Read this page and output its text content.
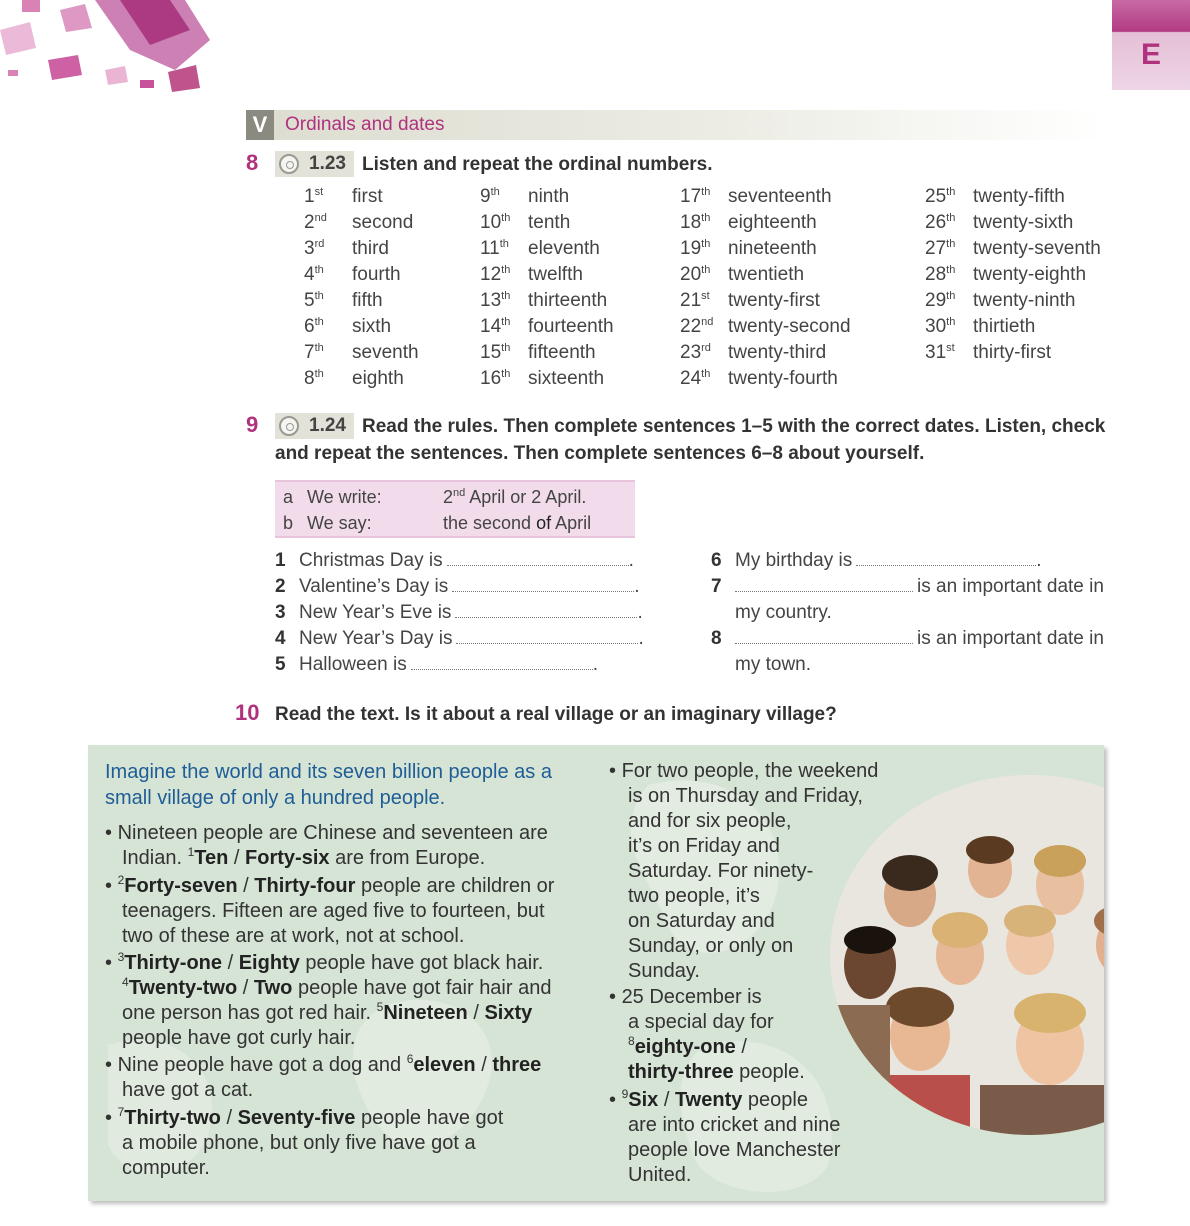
E
V Ordinals and dates
8	1.23 Listen and repeat the ordinal numbers.
1st	first
2nd	second
3rd	third
4th	fourth
5th	fifth
6th	sixth
7th	seventh
8th	eighth
9th	ninth
10th tenth
11th	eleventh
12th twelfth
13th thirteenth
14th fourteenth
15th fifteenth
16th sixteenth
17th seventeenth
18th eighteenth
19th nineteenth
20th twentieth
21st twenty-first
22nd twenty-second
23rd twenty-third
24th twenty-fourth
25th twenty-fifth
26th twenty-sixth
27th twenty-seventh
28th twenty-eighth
29th twenty-ninth
30th thirtieth
31st thirty-first
9	1.24 Read the rules. Then complete sentences 1–5 with the correct dates. Listen, check
and repeat the sentences. Then complete sentences 6–8 about yourself.
a We write:	2nd April or 2 April.
b We say:	the second of April
1 Christmas Day is	.
2 Valentine’s Day is	.
3 New Year’s Eve is	.
4 New Year’s Day is	.
5 Halloween is	.
6 My birthday is	.
7	is an important date in
my country.
8	is an important date in
my town.
10 Read the text. Is it about a real village or an imaginary village?
Imagine the world and its seven billion people as a
small village of only a hundred people.
• Nineteen people are Chinese and seventeen are
Indian. $^1$Ten / Forty-six are from Europe.
• $^2$Forty-seven / Thirty-four people are children or
teenagers. Fifteen are aged five to fourteen, but
two of these are at work, not at school.
• $^3$Thirty-one / Eighty people have got black hair.
$^4$Twenty-two / Two people have got fair hair and
one person has got red hair. $^5$Nineteen / Sixty
people have got curly hair.
• Nine people have got a dog and $^6$eleven / three
have got a cat.
• $^7$Thirty-two / Seventy-five people have got
a mobile phone, but only five have got a
computer.
• For two people, the weekend
is on Thursday and Friday,
and for six people,
it’s on Friday and
Saturday. For ninety-
two people, it’s
on Saturday and
Sunday, or only on
Sunday.
• 25 December is
a special day for
$^8$eighty-one /
thirty-three people.
• $^9$Six / Twenty people
are into cricket and nine
people love Manchester
United.
